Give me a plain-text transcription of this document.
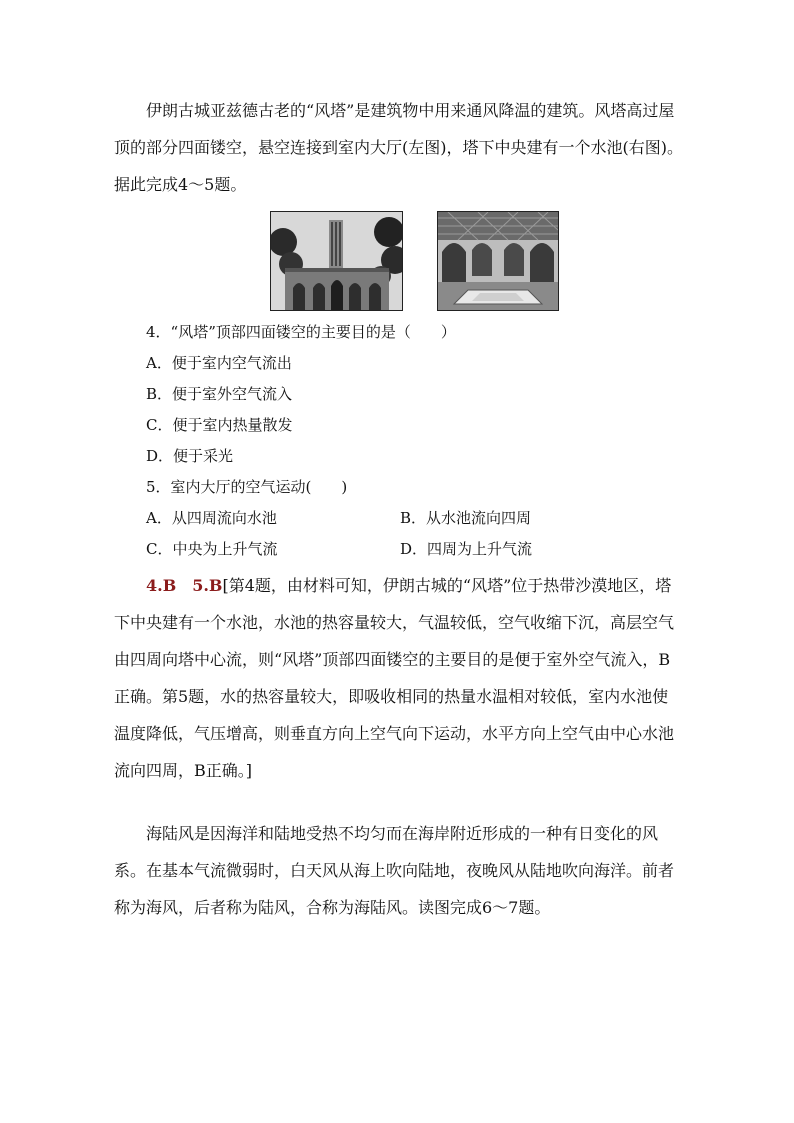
伊朗古城亚兹德古老的“风塔”是建筑物中用来通风降温的建筑。风塔高过屋顶的部分四面镂空，悬空连接到室内大厅(左图)，塔下中央建有一个水池(右图)。据此完成4～5题。
4．“风塔”顶部四面镂空的主要目的是（　　）
A．便于室内空气流出
B．便于室外空气流入
C．便于室内热量散发
D．便于采光
5．室内大厅的空气运动(　　)
A．从四周流向水池	B．从水池流向四周
C．中央为上升气流	D．四周为上升气流
4.B　5.B[第4题，由材料可知，伊朗古城的“风塔”位于热带沙漠地区，塔下中央建有一个水池，水池的热容量较大，气温较低，空气收缩下沉，高层空气由四周向塔中心流，则“风塔”顶部四面镂空的主要目的是便于室外空气流入，B正确。第5题，水的热容量较大，即吸收相同的热量水温相对较低，室内水池使温度降低，气压增高，则垂直方向上空气向下运动，水平方向上空气由中心水池流向四周，B正确。]
海陆风是因海洋和陆地受热不均匀而在海岸附近形成的一种有日变化的风系。在基本气流微弱时，白天风从海上吹向陆地，夜晚风从陆地吹向海洋。前者称为海风，后者称为陆风，合称为海陆风。读图完成6～7题。
